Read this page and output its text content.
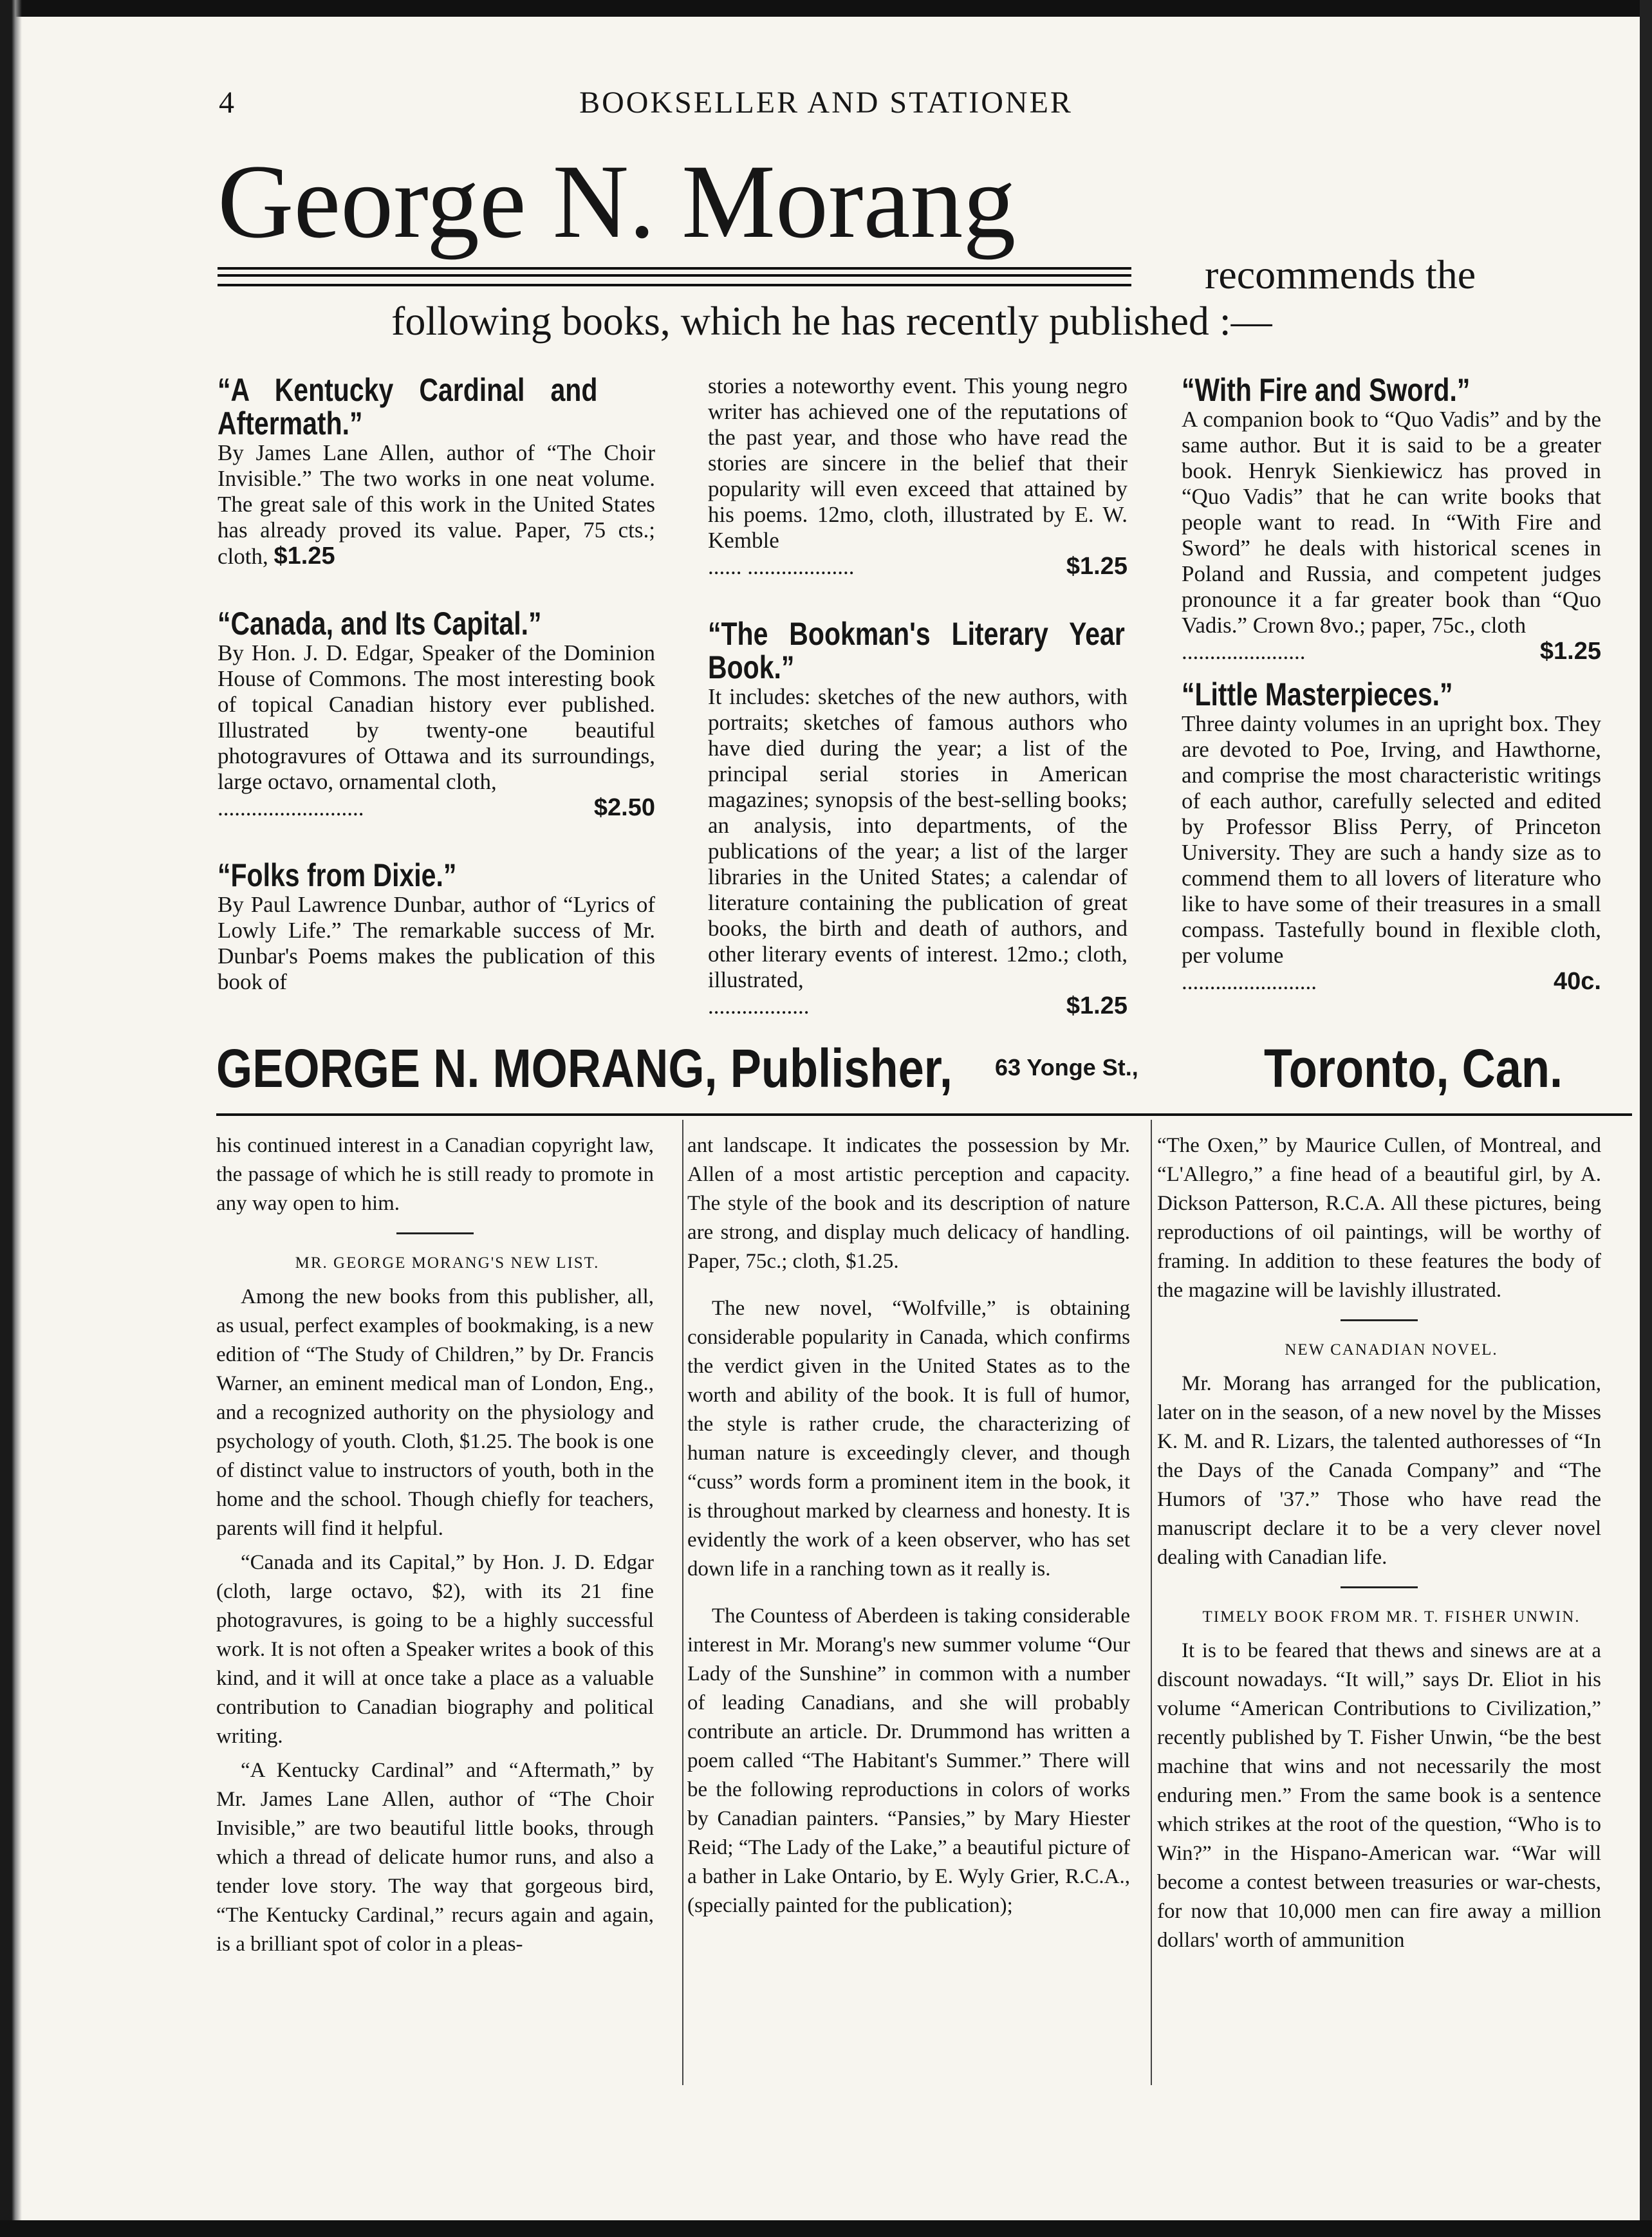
4	BOOKSELLER AND STATIONER
George N. Morang
recommends the
following books, which he has recently published :—
“A Kentucky Cardinal and Aftermath.”

By James Lane Allen, author of “The Choir Invisible.” The two works in one neat volume. The great sale of this work in the United States has already proved its value. Paper, 75 cts.; cloth, $1.25

“Canada, and Its Capital.”

By Hon. J. D. Edgar, Speaker of the Dominion House of Commons. The most interesting book of topical Canadian history ever published. Illustrated by twenty-one beautiful photogravures of Ottawa and its surroundings, large octavo, ornamental cloth,

..........................	$2.50
“Folks from Dixie.”

By Paul Lawrence Dunbar, author of “Lyrics of Lowly Life.” The remarkable success of Mr. Dunbar's Poems makes the publication of this book of

stories a noteworthy event. This young negro writer has achieved one of the reputations of the past year, and those who have read the stories are sincere in the belief that their popularity will even exceed that attained by his poems. 12mo, cloth, illustrated by E. W. Kemble

...... ...................	$1.25
“The Bookman's Literary Year Book.”

It includes: sketches of the new authors, with portraits; sketches of famous authors who have died during the year; a list of the principal serial stories in American magazines; synopsis of the best-selling books; an analysis, into departments, of the publications of the year; a list of the larger libraries in the United States; a calendar of literature containing the publication of great books, the birth and death of authors, and other literary events of interest. 12mo.; cloth, illustrated,

..................	$1.25
“With Fire and Sword.”

A companion book to “Quo Vadis” and by the same author. But it is said to be a greater book. Henryk Sienkiewicz has proved in “Quo Vadis” that he can write books that people want to read. In “With Fire and Sword” he deals with historical scenes in Poland and Russia, and competent judges pronounce it a far greater book than “Quo Vadis.” Crown 8vo.; paper, 75c., cloth

......................	$1.25
“Little Masterpieces.”

Three dainty volumes in an upright box. They are devoted to Poe, Irving, and Hawthorne, and comprise the most characteristic writings of each author, carefully selected and edited by Professor Bliss Perry, of Princeton University. They are such a handy size as to commend them to all lovers of literature who like to have some of their treasures in a small compass. Tastefully bound in flexible cloth, per volume

........................	40c.
GEORGE N. MORANG, Publisher, 63 Yonge St., Toronto, Can.

his continued interest in a Canadian copyright law, the passage of which he is still ready to promote in any way open to him.

MR. GEORGE MORANG'S NEW LIST.

Among the new books from this publisher, all, as usual, perfect examples of bookmaking, is a new edition of “The Study of Children,” by Dr. Francis Warner, an eminent medical man of London, Eng., and a recognized authority on the physiology and psychology of youth. Cloth, $1.25. The book is one of distinct value to instructors of youth, both in the home and the school. Though chiefly for teachers, parents will find it helpful.

“Canada and its Capital,” by Hon. J. D. Edgar (cloth, large octavo, $2), with its 21 fine photogravures, is going to be a highly successful work. It is not often a Speaker writes a book of this kind, and it will at once take a place as a valuable contribution to Canadian biography and political writing.

“A Kentucky Cardinal” and “Aftermath,” by Mr. James Lane Allen, author of “The Choir Invisible,” are two beautiful little books, through which a thread of delicate humor runs, and also a tender love story. The way that gorgeous bird, “The Kentucky Cardinal,” recurs again and again, is a brilliant spot of color in a pleas-

ant landscape. It indicates the possession by Mr. Allen of a most artistic perception and capacity. The style of the book and its description of nature are strong, and display much delicacy of handling. Paper, 75c.; cloth, $1.25.

The new novel, “Wolfville,” is obtaining considerable popularity in Canada, which confirms the verdict given in the United States as to the worth and ability of the book. It is full of humor, the style is rather crude, the characterizing of human nature is exceedingly clever, and though “cuss” words form a prominent item in the book, it is throughout marked by clearness and honesty. It is evidently the work of a keen observer, who has set down life in a ranching town as it really is.

The Countess of Aberdeen is taking considerable interest in Mr. Morang's new summer volume “Our Lady of the Sunshine” in common with a number of leading Canadians, and she will probably contribute an article. Dr. Drummond has written a poem called “The Habitant's Summer.” There will be the following reproductions in colors of works by Canadian painters. “Pansies,” by Mary Hiester Reid; “The Lady of the Lake,” a beautiful picture of a bather in Lake Ontario, by E. Wyly Grier, R.C.A., (specially painted for the publication);

“The Oxen,” by Maurice Cullen, of Montreal, and “L'Allegro,” a fine head of a beautiful girl, by A. Dickson Patterson, R.C.A. All these pictures, being reproductions of oil paintings, will be worthy of framing. In addition to these features the body of the magazine will be lavishly illustrated.

NEW CANADIAN NOVEL.

Mr. Morang has arranged for the publication, later on in the season, of a new novel by the Misses K. M. and R. Lizars, the talented authoresses of “In the Days of the Canada Company” and “The Humors of '37.” Those who have read the manuscript declare it to be a very clever novel dealing with Canadian life.

TIMELY BOOK FROM MR. T. FISHER UNWIN.

It is to be feared that thews and sinews are at a discount nowadays. “It will,” says Dr. Eliot in his volume “American Contributions to Civilization,” recently published by T. Fisher Unwin, “be the best machine that wins and not necessarily the most enduring men.” From the same book is a sentence which strikes at the root of the question, “Who is to Win?” in the Hispano-American war. “War will become a contest between treasuries or war-chests, for now that 10,000 men can fire away a million dollars' worth of ammunition
